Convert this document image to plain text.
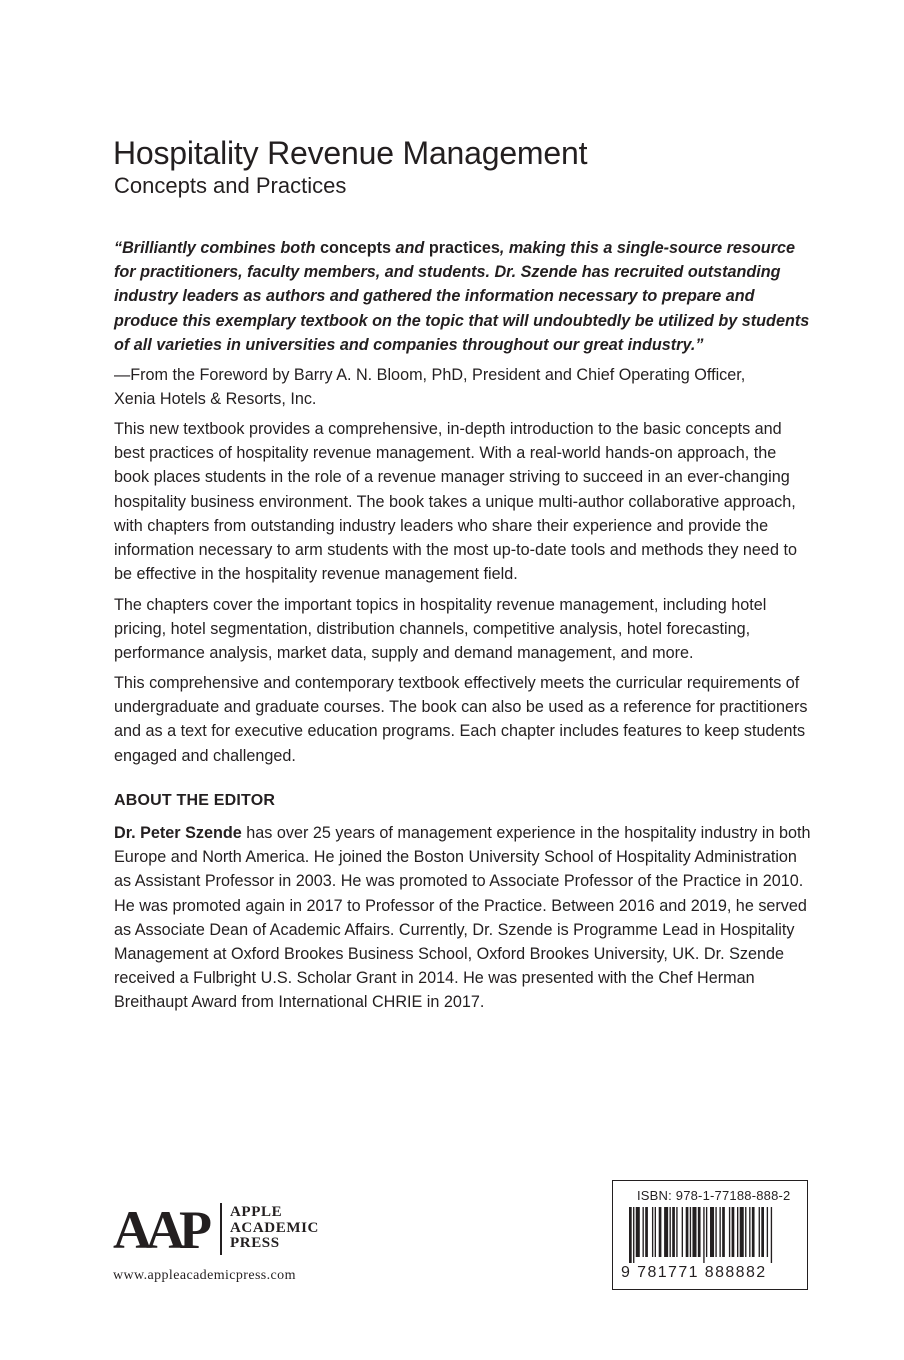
Hospitality Revenue Management
Concepts and Practices
“Brilliantly combines both concepts and practices, making this a single-source resource for practitioners, faculty members, and students. Dr. Szende has recruited outstanding industry leaders as authors and gathered the information necessary to prepare and produce this exemplary textbook on the topic that will undoubtedly be utilized by students of all varieties in universities and companies throughout our great industry.”
—From the Foreword by Barry A. N. Bloom, PhD, President and Chief Operating Officer,
Xenia Hotels & Resorts, Inc.
This new textbook provides a comprehensive, in-depth introduction to the basic concepts and best practices of hospitality revenue management. With a real-world hands-on approach, the book places students in the role of a revenue manager striving to succeed in an ever-changing hospitality business environment. The book takes a unique multi-author collaborative approach, with chapters from outstanding industry leaders who share their experience and provide the information necessary to arm students with the most up-to-date tools and methods they need to be effective in the hospitality revenue management field.
The chapters cover the important topics in hospitality revenue management, including hotel pricing, hotel segmentation, distribution channels, competitive analysis, hotel forecasting, performance analysis, market data, supply and demand management, and more.
This comprehensive and contemporary textbook effectively meets the curricular requirements of undergraduate and graduate courses. The book can also be used as a reference for practitioners and as a text for executive education programs. Each chapter includes features to keep students engaged and challenged.
ABOUT THE EDITOR
Dr. Peter Szende has over 25 years of management experience in the hospitality industry in both Europe and North America. He joined the Boston University School of Hospitality Administration as Assistant Professor in 2003. He was promoted to Associate Professor of the Practice in 2010. He was promoted again in 2017 to Professor of the Practice. Between 2016 and 2019, he served as Associate Dean of Academic Affairs. Currently, Dr. Szende is Programme Lead in Hospitality Management at Oxford Brookes Business School, Oxford Brookes University, UK. Dr. Szende received a Fulbright U.S. Scholar Grant in 2014. He was presented with the Chef Herman Breithaupt Award from International CHRIE in 2017.
AAP APPLE
ACADEMIC
PRESS
www.appleacademicpress.com
ISBN: 978-1-77188-888-2
9 781771 888882
